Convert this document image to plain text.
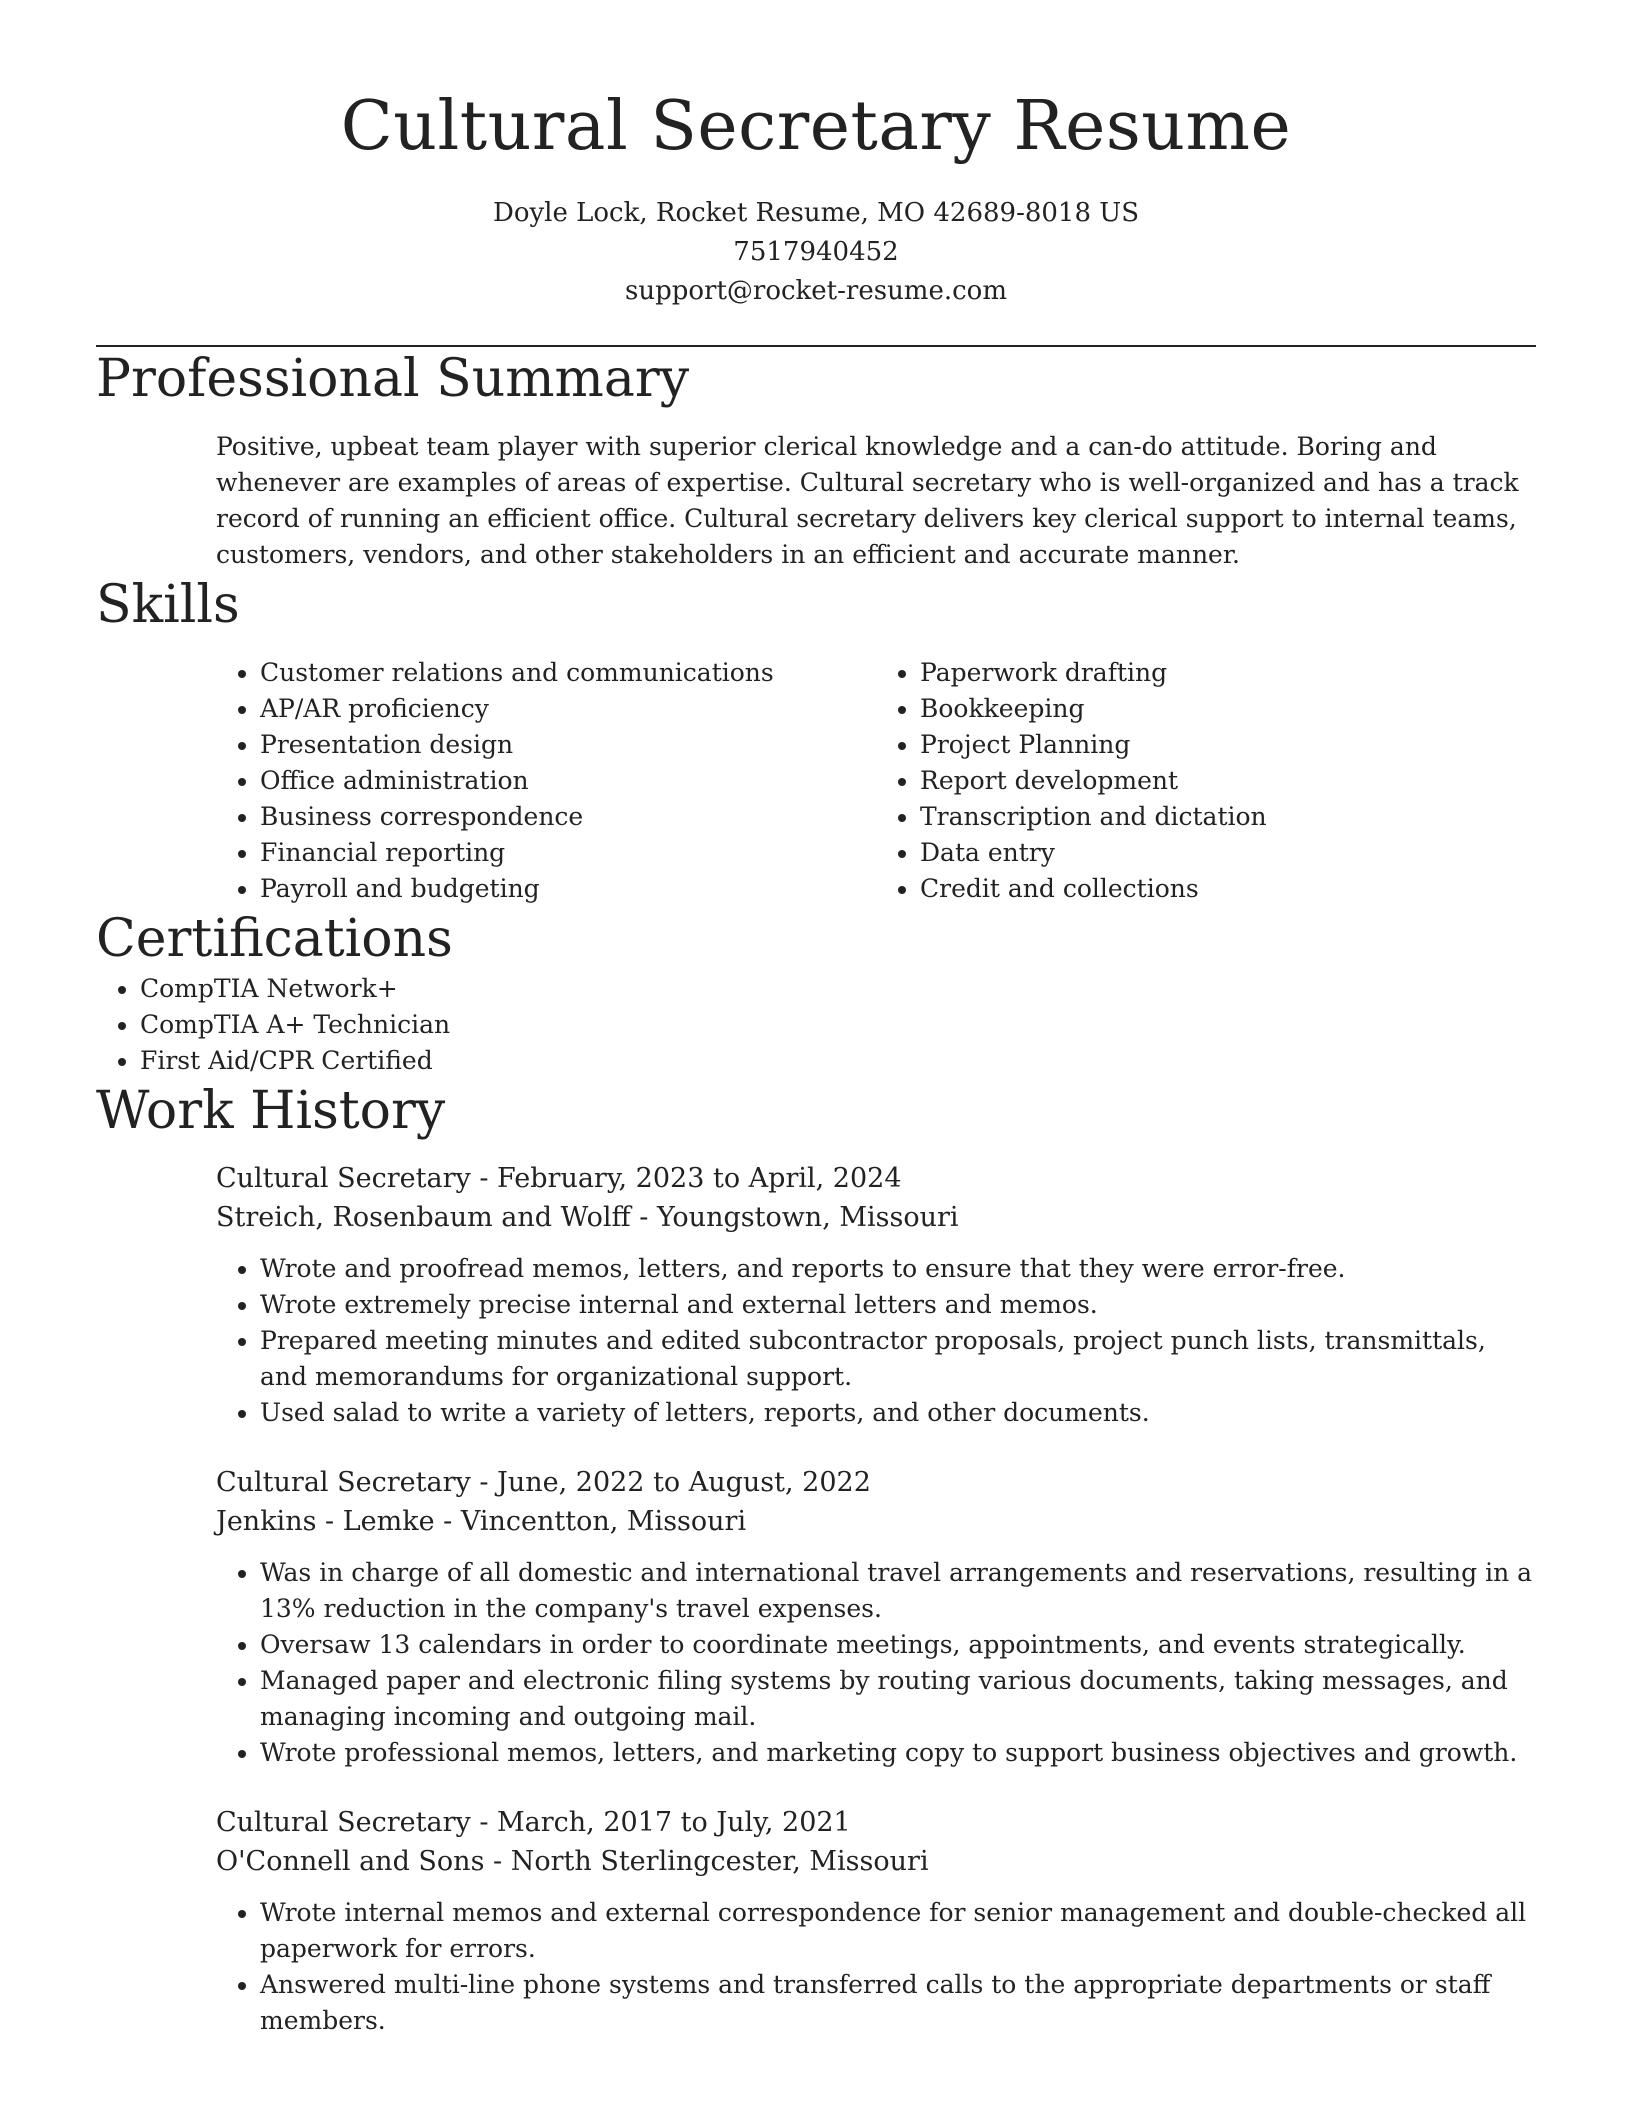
Cultural Secretary Resume
Doyle Lock, Rocket Resume, MO 42689-8018 US
7517940452
support@rocket-resume.com
Professional Summary

Positive, upbeat team player with superior clerical knowledge and a can-do attitude. Boring and whenever are examples of areas of expertise. Cultural secretary who is well-organized and has a track record of running an efficient office. Cultural secretary delivers key clerical support to internal teams, customers, vendors, and other stakeholders in an efficient and accurate manner.

Skills
• Customer relations and communications
• AP/AR proficiency
• Presentation design
• Office administration
• Business correspondence
• Financial reporting
• Payroll and budgeting
• Paperwork drafting
• Bookkeeping
• Project Planning
• Report development
• Transcription and dictation
• Data entry
• Credit and collections
Certifications
• CompTIA Network+
• CompTIA A+ Technician
• First Aid/CPR Certified
Work History
Cultural Secretary - February, 2023 to April, 2024
Streich, Rosenbaum and Wolff - Youngstown, Missouri
• Wrote and proofread memos, letters, and reports to ensure that they were error-free.
• Wrote extremely precise internal and external letters and memos.
• Prepared meeting minutes and edited subcontractor proposals, project punch lists, transmittals, and memorandums for organizational support.
• Used salad to write a variety of letters, reports, and other documents.
Cultural Secretary - June, 2022 to August, 2022
Jenkins - Lemke - Vincentton, Missouri
• Was in charge of all domestic and international travel arrangements and reservations, resulting in a 13% reduction in the company's travel expenses.
• Oversaw 13 calendars in order to coordinate meetings, appointments, and events strategically.
• Managed paper and electronic filing systems by routing various documents, taking messages, and managing incoming and outgoing mail.
• Wrote professional memos, letters, and marketing copy to support business objectives and growth.
Cultural Secretary - March, 2017 to July, 2021
O'Connell and Sons - North Sterlingcester, Missouri
• Wrote internal memos and external correspondence for senior management and double-checked all paperwork for errors.
• Answered multi-line phone systems and transferred calls to the appropriate departments or staff members.
